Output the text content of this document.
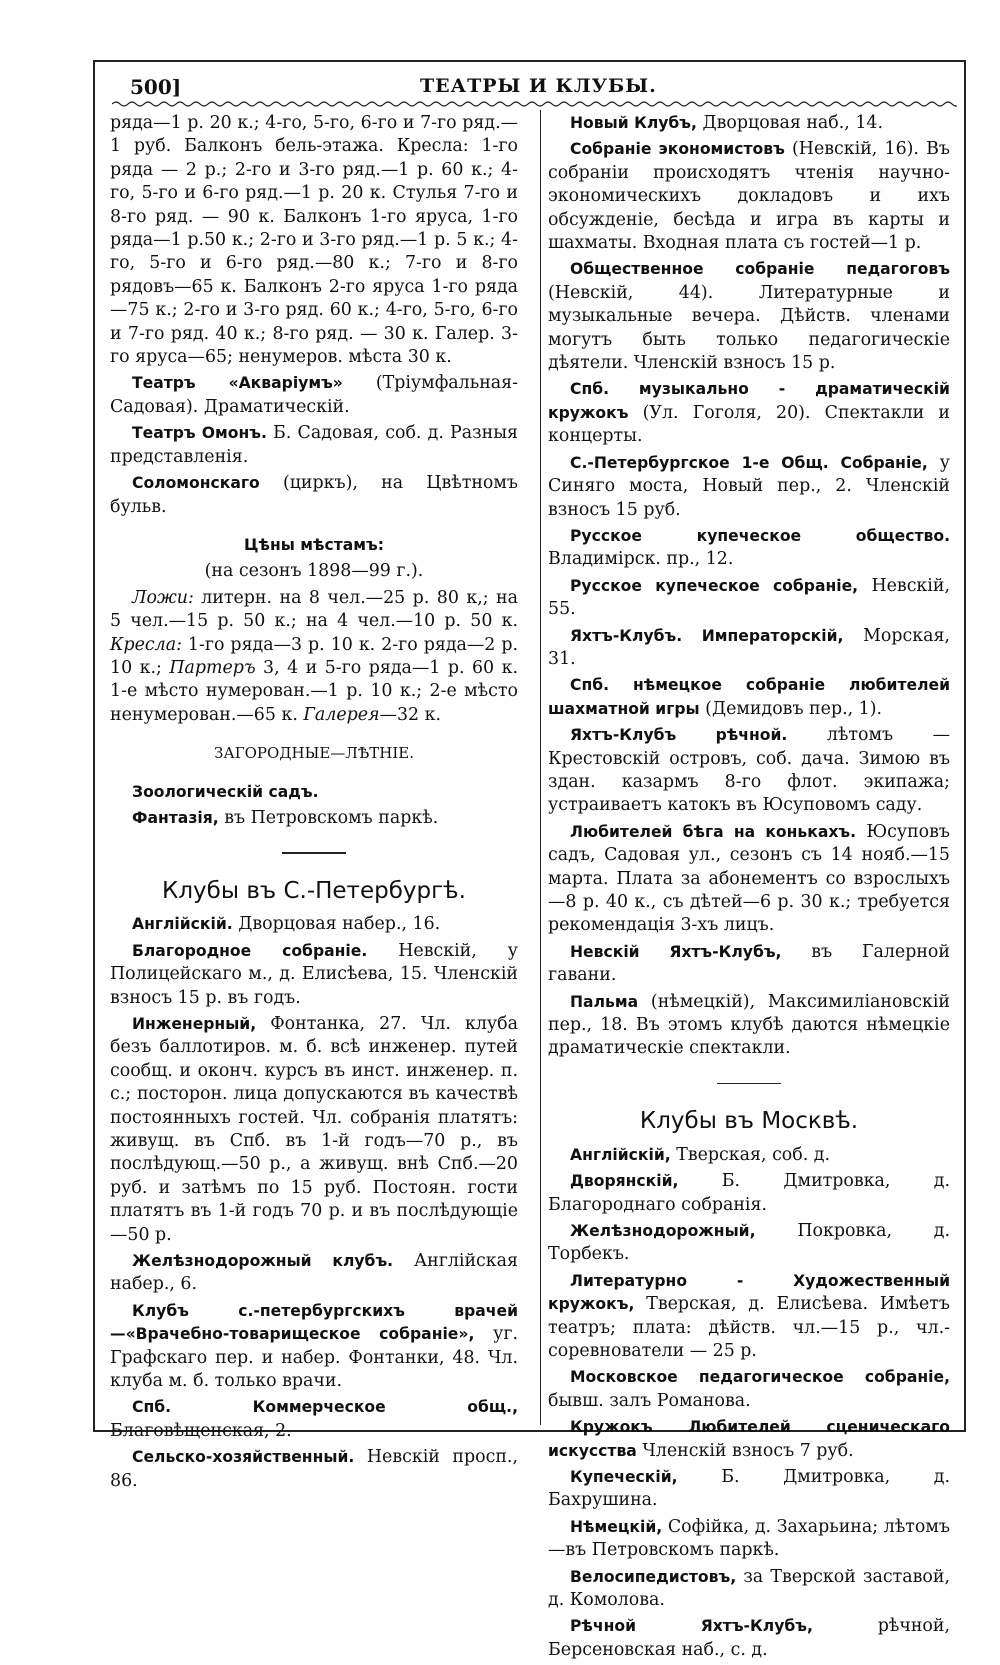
500]	ТЕАТРЫ И КЛУБЫ.

ряда—1 р. 20 к.; 4-го, 5-го, 6-го и 7-го ряд.—1 руб. Балконъ бель-этажа. Кресла: 1-го ряда — 2 р.; 2-го и 3-го ряд.—1 р. 60 к.; 4-го, 5-го и 6-го ряд.—1 р. 20 к. Стулья 7-го и 8-го ряд. — 90 к. Балконъ 1-го яруса, 1-го ряда—1 р.50 к.; 2-го и 3-го ряд.—1 р. 5 к.; 4-го, 5-го и 6-го ряд.—80 к.; 7-го и 8-го рядовъ—65 к. Балконъ 2-го яруса 1-го ряда—75 к.; 2-го и 3-го ряд. 60 к.; 4-го, 5-го, 6-го и 7-го ряд. 40 к.; 8-го ряд. — 30 к. Галер. 3-го яруса—65; ненумеров. мѣста 30 к.

Театръ «Аквapiумъ» (Тріумфальная-Садовая). Драматическій.

Театръ Омонъ. Б. Садовая, соб. д. Разныя представленія.

Соломонскаго (циркъ), на Цвѣтномъ бульв.

Цѣны мѣстамъ:

(на сезонъ 1898—99 г.).

Ложи: литерн. на 8 чел.—25 р. 80 к,; на 5 чел.—15 р. 50 к.; на 4 чел.—10 р. 50 к. Кресла: 1-го ряда—3 р. 10 к. 2-го ряда—2 р. 10 к.; Партеръ 3, 4 и 5-го ряда—1 р. 60 к. 1-е мѣсто нумерован.—1 р. 10 к.; 2-е мѣсто ненумерован.—65 к. Галерея—32 к.

ЗАГОРОДНЫЕ—ЛѢТНІЕ.

Зоологическій садъ.

Фантазія, въ Петровскомъ паркѣ.

Клубы въ С.-Петербургѣ.

Англійскій. Дворцовая набер., 16.

Благородное собраніе. Невскій, у Полицейскаго м., д. Елисѣева, 15. Членскій взносъ 15 р. въ годъ.

Инженерный, Фонтанка, 27. Чл. клуба безъ баллотиров. м. б. всѣ инженер. путей сообщ. и оконч. курсъ въ инст. инженер. п. с.; посторон. лица допускаются въ качествѣ постоянныхъ гостей. Чл. собранія платятъ: живущ. въ Спб. въ 1-й годъ—70 р., въ послѣдующ.—50 р., а живущ. внѣ Спб.—20 руб. и затѣмъ по 15 руб. Постоян. гости платятъ въ 1-й годъ 70 р. и въ послѣдующіе—50 р.

Желѣзнодорожный клубъ. Англійская набер., 6.

Клубъ с.-петербургскихъ врачей—«Врачебно-товарищеское собраніе», уг. Графскаго пер. и набер. Фонтанки, 48. Чл. клуба м. б. только врачи.

Спб. Коммерческое общ., Благовѣщенская, 2.

Сельско-хозяйственный. Невскій просп., 86.

Новый Клубъ, Дворцовая наб., 14.

Собраніе экономистовъ (Невскій, 16). Въ собраніи происходятъ чтенія научно-экономическихъ докладовъ и ихъ обсужденіе, бесѣда и игра въ карты и шахматы. Входная плата съ гостей—1 р.

Общественное собраніе педагоговъ (Невскій, 44). Литературные и музыкальные вечера. Дѣйств. членами могутъ быть только педагогическіе дѣятели. Членскій взносъ 15 р.

Спб. музыкально - драматическій кружокъ (Ул. Гоголя, 20). Спектакли и концерты.

С.-Петербургское 1-е Общ. Собраніе, у Синяго моста, Новый пер., 2. Членскій взносъ 15 руб.

Русское купеческое общество. Владимірск. пр., 12.

Русское купеческое собраніе, Невскій, 55.

Яхтъ-Клубъ. Императорскій, Морская, 31.

Спб. нѣмецкое собраніе любителей шахматной игры (Демидовъ пер., 1).

Яхтъ-Клубъ рѣчной. лѣтомъ — Крестовскій островъ, соб. дача. Зимою въ здан. казармъ 8-го флот. экипажа; устраиваетъ катокъ въ Юсуповомъ саду.

Любителей бѣга на конькахъ. Юсуповъ садъ, Садовая ул., сезонъ съ 14 нояб.—15 марта. Плата за абонементъ со взрослыхъ—8 р. 40 к., съ дѣтей—6 р. 30 к.; требуется рекомендація 3-хъ лицъ.

Невскій Яхтъ-Клубъ, въ Галерной гавани.

Пальма (нѣмецкій), Максимиліановскій пер., 18. Въ этомъ клубѣ даются нѣмецкіе драматическіе спектакли.

Клубы въ Москвѣ.

Англійскій, Тверская, соб. д.

Дворянскій, Б. Дмитровка, д. Благороднаго собранія.

Желѣзнодорожный, Покровка, д. Торбекъ.

Литературно - Художественный кружокъ, Тверская, д. Елисѣева. Имѣетъ театръ; плата: дѣйств. чл.—15 р., чл.-соревнователи — 25 р.

Московское педагогическое собраніе, бывш. залъ Романова.

Кружокъ Любителей сценическаго искусства Членскій взносъ 7 руб.

Купеческій, Б. Дмитровка, д. Бахрушина.

Нѣмецкій, Софійка, д. Захарьина; лѣтомъ—въ Петровскомъ паркѣ.

Велосипедистовъ, за Тверской заставой, д. Комолова.

Рѣчной Яхтъ-Клубъ, рѣчной, Берсеновская наб., с. д.
